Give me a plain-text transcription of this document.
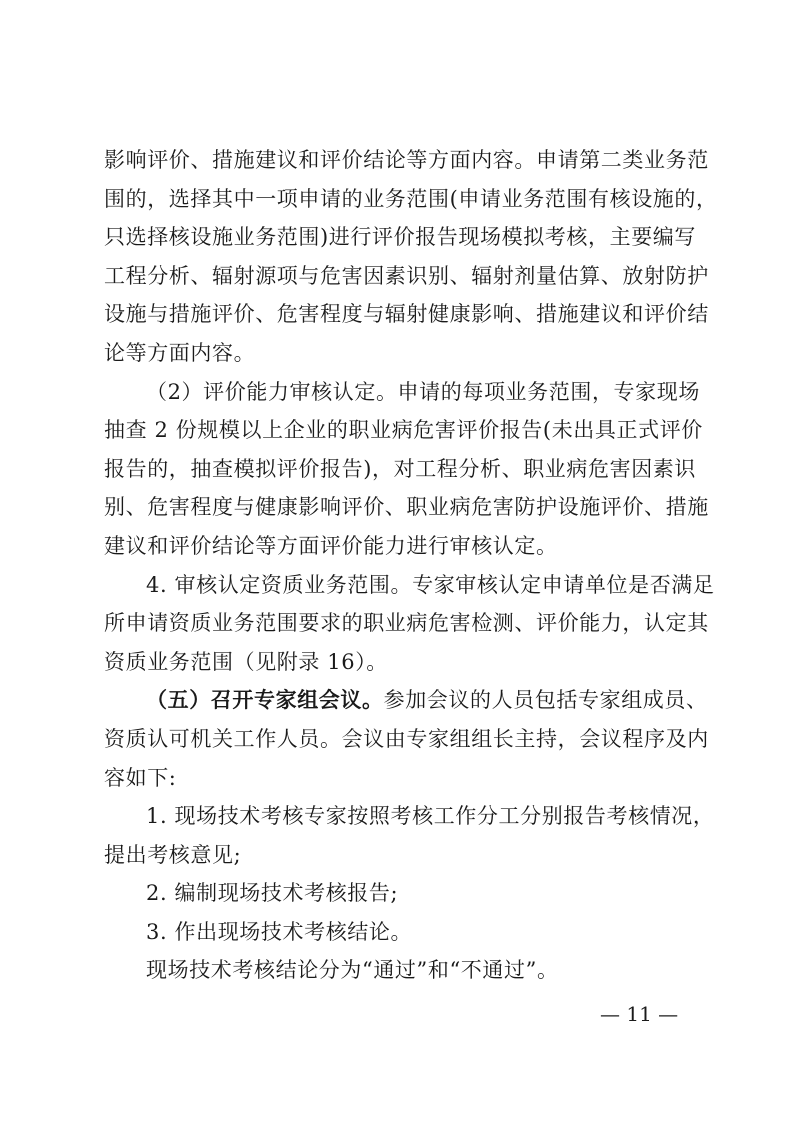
影响评价、措施建议和评价结论等方面内容。申请第二类业务范
围的，选择其中一项申请的业务范围(申请业务范围有核设施的，
只选择核设施业务范围)进行评价报告现场模拟考核，主要编写
工程分析、辐射源项与危害因素识别、辐射剂量估算、放射防护
设施与措施评价、危害程度与辐射健康影响、措施建议和评价结
论等方面内容。
（2）评价能力审核认定。申请的每项业务范围，专家现场
抽查 2 份规模以上企业的职业病危害评价报告(未出具正式评价
报告的，抽查模拟评价报告)，对工程分析、职业病危害因素识
别、危害程度与健康影响评价、职业病危害防护设施评价、措施
建议和评价结论等方面评价能力进行审核认定。
4. 审核认定资质业务范围。专家审核认定申请单位是否满足
所申请资质业务范围要求的职业病危害检测、评价能力，认定其
资质业务范围（见附录 16）。
（五）召开专家组会议。参加会议的人员包括专家组成员、
资质认可机关工作人员。会议由专家组组长主持，会议程序及内
容如下:
1. 现场技术考核专家按照考核工作分工分别报告考核情况，
提出考核意见;
2. 编制现场技术考核报告;
3. 作出现场技术考核结论。
现场技术考核结论分为“通过”和“不通过”。
— 11 —
